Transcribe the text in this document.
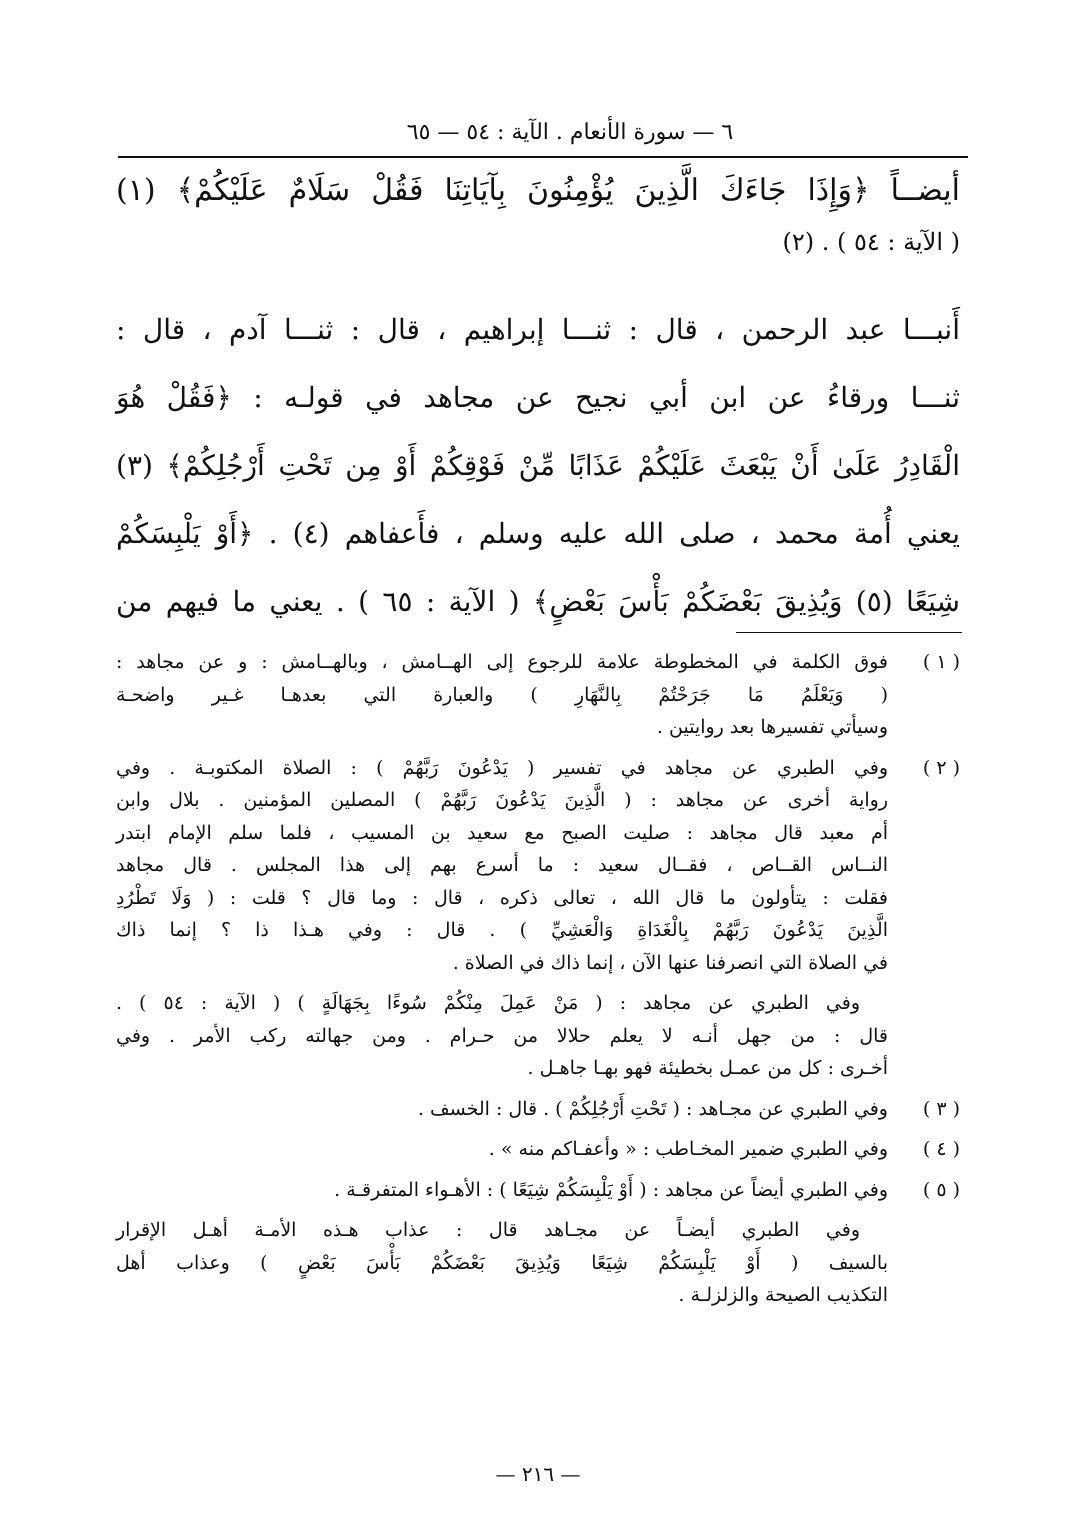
٦ — سورة الأنعام . الآية : ٥٤ — ٦٥
أيضــاً ﴿وَإِذَا جَاءَكَ الَّذِينَ يُؤْمِنُونَ بِآيَاتِنَا فَقُلْ سَلَامٌ عَلَيْكُمْ﴾ (١)
( الآية : ٥٤ ) . (٢)
أَنبـــا عبد الرحمن ، قال : ثنـــا إبراهيم ، قال : ثنـــا آدم ، قال :
ثنـــا ورقاءُ عن ابن أبي نجيح عن مجاهد في قولـه : ﴿فَقُلْ هُوَ
الْقَادِرُ عَلَىٰ أَنْ يَبْعَثَ عَلَيْكُمْ عَذَابًا مِّنْ فَوْقِكُمْ أَوْ مِن تَحْتِ أَرْجُلِكُمْ﴾ (٣)
يعني أُمة محمد ، صلى الله عليه وسلم ، فأَعفاهم (٤) . ﴿أَوْ يَلْبِسَكُمْ
شِيَعًا (٥) وَيُذِيقَ بَعْضَكُمْ بَأْسَ بَعْضٍ﴾ ( الآية : ٦٥ ) . يعني ما فيهم من
( ١ )
فوق الكلمة في المخطوطة علامة للرجوع إلى الهــامش ، وبالهــامش : و عن مجاهد :
( وَيَعْلَمُ مَا جَرَحْتُمْ بِالنَّهَارِ ) والعبارة التي بعدهـا غـير واضحـة
وسيأتي تفسيرها بعد روايتين .
( ٢ )
وفي الطبري عن مجاهد في تفسير ( يَدْعُونَ رَبَّهُمْ ) : الصلاة المكتوبـة . وفي
رواية أخرى عن مجاهد : ( الَّذِينَ يَدْعُونَ رَبَّهُمْ ) المصلين المؤمنين . بلال وابن
أم معبد قال مجاهد : صليت الصبح مع سعيد بن المسيب ، فلما سلم الإمام ابتدر
النــاس القــاص ، فقــال سعيد : ما أسرع بهم إلى هذا المجلس . قال مجاهد
فقلت : يتأولون ما قال الله ، تعالى ذكره ، قال : وما قال ؟ قلت : ( وَلَا تَطْرُدِ
الَّذِينَ يَدْعُونَ رَبَّهُمْ بِالْغَدَاةِ وَالْعَشِيِّ ) . قال : وفي هـذا ذا ؟ إنما ذاك
في الصلاة التي انصرفنا عنها الآن ، إنما ذاك في الصلاة .
وفي الطبري عن مجاهد : ( مَنْ عَمِلَ مِنْكُمْ سُوءًا بِجَهَالَةٍ ) ( الآية : ٥٤ ) .
قال : من جهل أنـه لا يعلم حلالا من حـرام . ومن جهالته ركب الأمر . وفي
أخـرى : كل من عمـل بخطيئة فهو بهـا جاهـل .
( ٣ )
وفي الطبري عن مجـاهد : ( تَحْتِ أَرْجُلِكُمْ ) . قال : الخسف .
( ٤ )
وفي الطبري ضمير المخـاطب : « وأعفـاكم منه » .
( ٥ )
وفي الطبري أيضاً عن مجاهد : ( أَوْ يَلْبِسَكُمْ شِيَعًا ) : الأهـواء المتفرقـة .
وفي الطبري أيضـاً عن مجـاهد قال : عذاب هـذه الأمـة أهـل الإقرار
بالسيف ( أَوْ يَلْبِسَكُمْ شِيَعًا وَيُذِيقَ بَعْضَكُمْ بَأْسَ بَعْضٍ ) وعذاب أهل
التكذيب الصيحة والزلزلـة .
— ٢١٦ —
